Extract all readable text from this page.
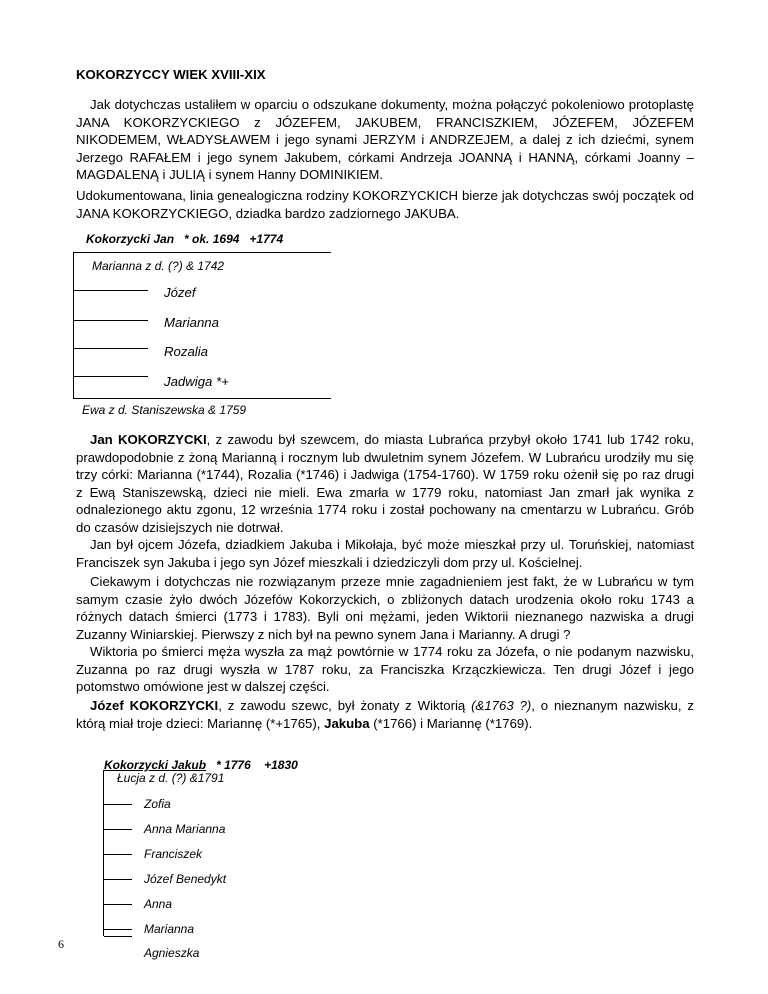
KOKORZYCCY WIEK XVIII-XIX

Jak dotychczas ustaliłem w oparciu o odszukane dokumenty, można połączyć pokoleniowo protoplastę JANA KOKORZYCKIEGO z JÓZEFEM, JAKUBEM, FRANCISZKIEM, JÓZEFEM, JÓZEFEM NIKODEMEM, WŁADYSŁAWEM i jego synami JERZYM i ANDRZEJEM, a dalej z ich dziećmi, synem Jerzego RAFAŁEM i jego synem Jakubem, córkami Andrzeja JOANNĄ i HANNĄ, córkami Joanny – MAGDALENĄ i JULIĄ i synem Hanny DOMINIKIEM.

Udokumentowana, linia genealogiczna rodziny KOKORZYCKICH bierze jak dotychczas swój początek od JANA KOKORZYCKIEGO, dziadka bardzo zadziornego JAKUBA.

Kokorzycki Jan * ok. 1694 +1774
Marianna z d. (?) & 1742
Józef
Marianna
Rozalia
Jadwiga *+
Ewa z d. Staniszewska & 1759

Jan KOKORZYCKI, z zawodu był szewcem, do miasta Lubrańca przybył około 1741 lub 1742 roku, prawdopodobnie z żoną Marianną i rocznym lub dwuletnim synem Józefem. W Lubrańcu urodziły mu się trzy córki: Marianna (*1744), Rozalia (*1746) i Jadwiga (1754-1760). W 1759 roku ożenił się po raz drugi z Ewą Staniszewską, dzieci nie mieli. Ewa zmarła w 1779 roku, natomiast Jan zmarł jak wynika z odnalezionego aktu zgonu, 12 września 1774 roku i został pochowany na cmentarzu w Lubrańcu. Grób do czasów dzisiejszych nie dotrwał.

Jan był ojcem Józefa, dziadkiem Jakuba i Mikołaja, być może mieszkał przy ul. Toruńskiej, natomiast Franciszek syn Jakuba i jego syn Józef mieszkali i dziedziczyli dom przy ul. Kościelnej.

Ciekawym i dotychczas nie rozwiązanym przeze mnie zagadnieniem jest fakt, że w Lubrańcu w tym samym czasie żyło dwóch Józefów Kokorzyckich, o zbliżonych datach urodzenia około roku 1743 a różnych datach śmierci (1773 i 1783). Byli oni mężami, jeden Wiktorii nieznanego nazwiska a drugi Zuzanny Winiarskiej. Pierwszy z nich był na pewno synem Jana i Marianny. A drugi ?

Wiktoria po śmierci męża wyszła za mąż powtórnie w 1774 roku za Józefa, o nie podanym nazwisku, Zuzanna po raz drugi wyszła w 1787 roku, za Franciszka Krzączkiewicza. Ten drugi Józef i jego potomstwo omówione jest w dalszej części.

Józef KOKORZYCKI, z zawodu szewc, był żonaty z Wiktorią (&1763 ?), o nieznanym nazwisku, z którą miał troje dzieci: Mariannę (*+1765), Jakuba (*1766) i Mariannę (*1769).

Kokorzycki Jakub * 1776 +1830
Łucja z d. (?) &1791
Zofia
Anna Marianna
Franciszek
Józef Benedykt
Anna
Marianna
Agnieszka
6
